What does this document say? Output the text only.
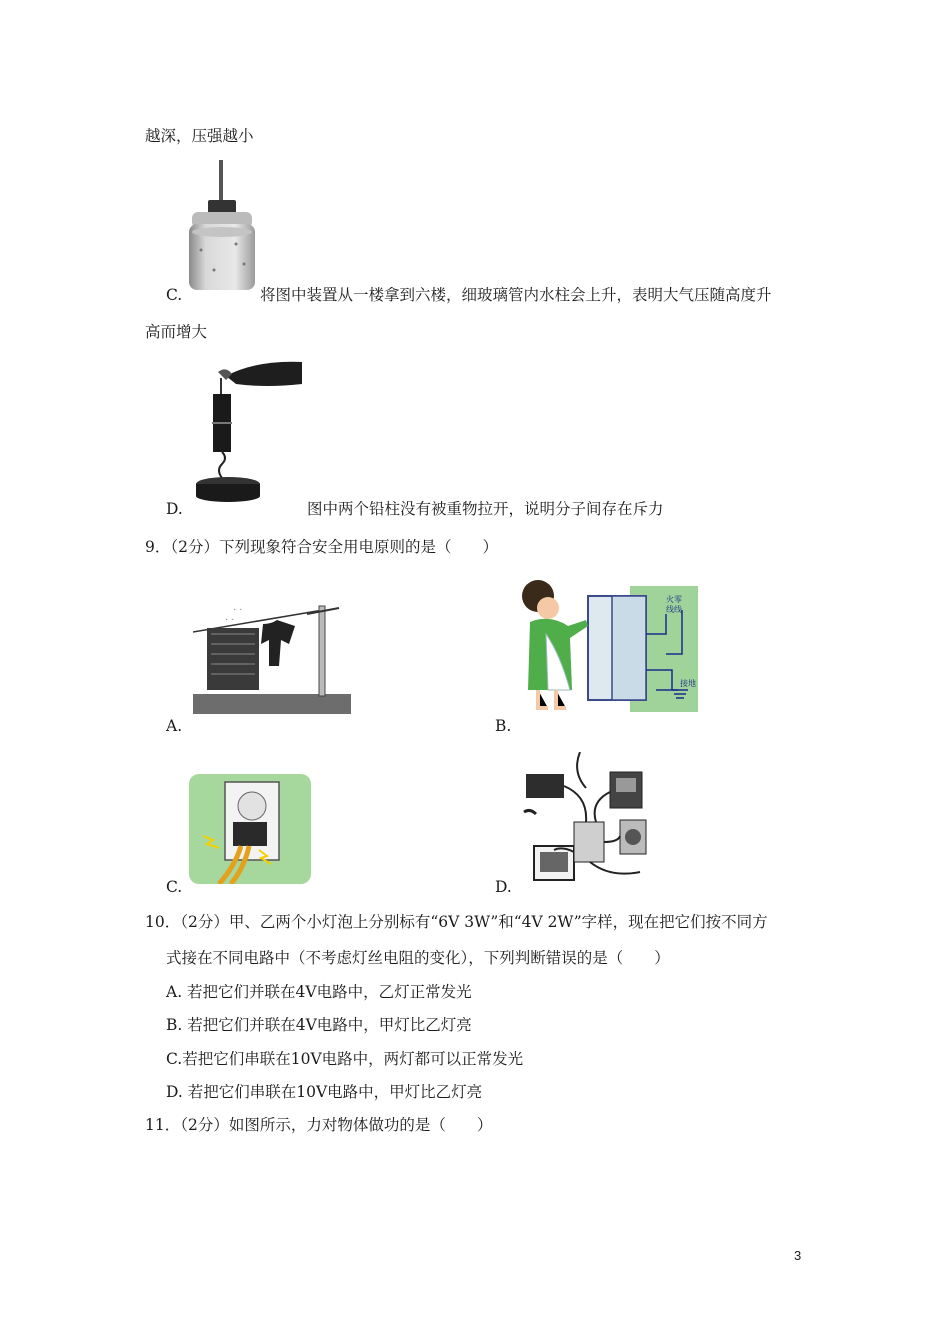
越深，压强越小
C.	将图中装置从一楼拿到六楼，细玻璃管内水柱会上升，表明大气压随高度升
高而增大
D.	图中两个铅柱没有被重物拉开，说明分子间存在斥力
9．（2分）下列现象符合安全用电原则的是（　　）
· ·
· ·
A.
火零
线线
接地
B.
C.	D.
10．（2分）甲、乙两个小灯泡上分别标有“6V 3W”和“4V 2W”字样，现在把它们按不同方
式接在不同电路中（不考虑灯丝电阻的变化），下列判断错误的是（　　）
A. 若把它们并联在4V电路中，乙灯正常发光
B. 若把它们并联在4V电路中，甲灯比乙灯亮
C.若把它们串联在10V电路中，两灯都可以正常发光
D. 若把它们串联在10V电路中，甲灯比乙灯亮
11．（2分）如图所示，力对物体做功的是（　　）
3
